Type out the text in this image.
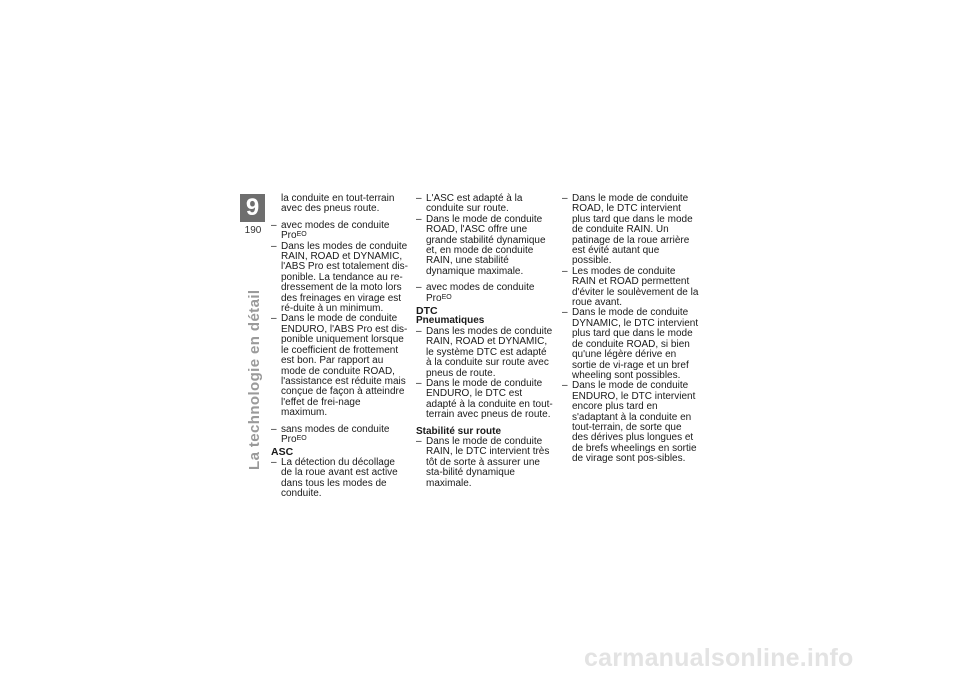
9
190
La technologie en détail

la conduite en tout-terrain avec des pneus route.

– avec modes de conduite Pro$^{EO}$

– Dans les modes de conduite RAIN, ROAD et DYNAMIC, l'ABS Pro est totalement dis-ponible. La tendance au re-dressement de la moto lors des freinages en virage est ré-duite à un minimum.

– Dans le mode de conduite ENDURO, l'ABS Pro est dis-ponible uniquement lorsque le coefficient de frottement est bon. Par rapport au mode de conduite ROAD, l'assistance est réduite mais conçue de façon à atteindre l'effet de frei-nage maximum.

– sans modes de conduite Pro$^{EO}$

ASC

– La détection du décollage de la roue avant est active dans tous les modes de conduite.

– L'ASC est adapté à la conduite sur route.

– Dans le mode de conduite ROAD, l'ASC offre une grande stabilité dynamique et, en mode de conduite RAIN, une stabilité dynamique maximale.

– avec modes de conduite Pro$^{EO}$

DTC

Pneumatiques

– Dans les modes de conduite RAIN, ROAD et DYNAMIC, le système DTC est adapté à la conduite sur route avec pneus de route.

– Dans le mode de conduite ENDURO, le DTC est adapté à la conduite en tout-terrain avec pneus de route.

Stabilité sur route

– Dans le mode de conduite RAIN, le DTC intervient très tôt de sorte à assurer une sta-bilité dynamique maximale.

– Dans le mode de conduite ROAD, le DTC intervient plus tard que dans le mode de conduite RAIN. Un patinage de la roue arrière est évité autant que possible.

– Les modes de conduite RAIN et ROAD permettent d'éviter le soulèvement de la roue avant.

– Dans le mode de conduite DYNAMIC, le DTC intervient plus tard que dans le mode de conduite ROAD, si bien qu'une légère dérive en sortie de vi-rage et un bref wheeling sont possibles.

– Dans le mode de conduite ENDURO, le DTC intervient encore plus tard en s'adaptant à la conduite en tout-terrain, de sorte que des dérives plus longues et de brefs wheelings en sortie de virage sont pos-sibles.

carmanualsonline.info
